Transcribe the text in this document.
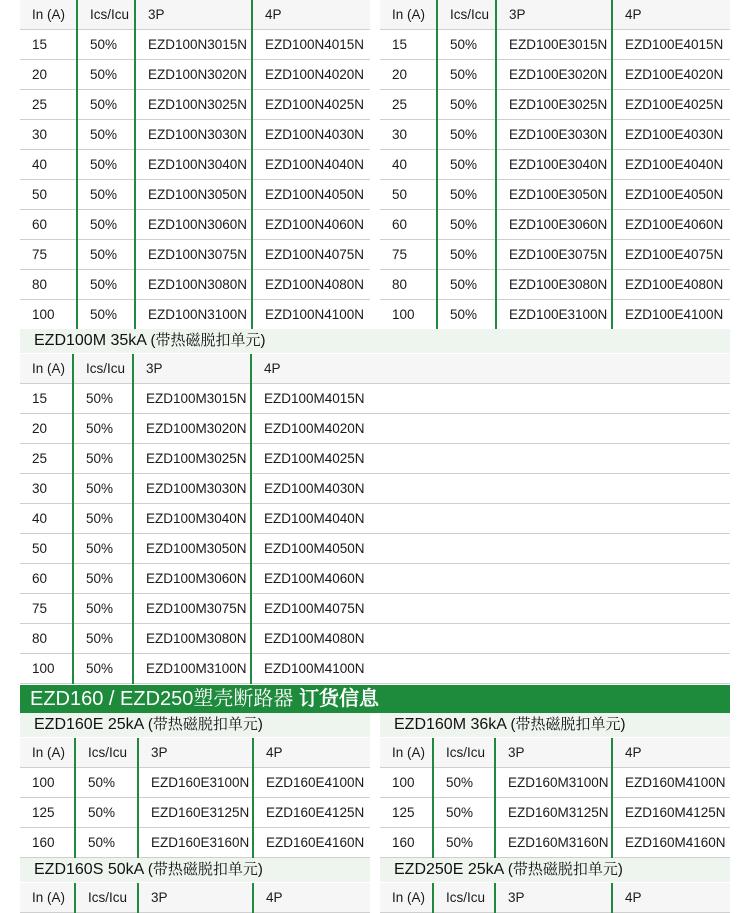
In (A)	Ics/Icu	3P	4P
15	50%	EZD100N3015N	EZD100N4015N
20	50%	EZD100N3020N	EZD100N4020N
25	50%	EZD100N3025N	EZD100N4025N
30	50%	EZD100N3030N	EZD100N4030N
40	50%	EZD100N3040N	EZD100N4040N
50	50%	EZD100N3050N	EZD100N4050N
60	50%	EZD100N3060N	EZD100N4060N
75	50%	EZD100N3075N	EZD100N4075N
80	50%	EZD100N3080N	EZD100N4080N
100	50%	EZD100N3100N	EZD100N4100N
In (A)	Ics/Icu	3P	4P
15	50%	EZD100E3015N	EZD100E4015N
20	50%	EZD100E3020N	EZD100E4020N
25	50%	EZD100E3025N	EZD100E4025N
30	50%	EZD100E3030N	EZD100E4030N
40	50%	EZD100E3040N	EZD100E4040N
50	50%	EZD100E3050N	EZD100E4050N
60	50%	EZD100E3060N	EZD100E4060N
75	50%	EZD100E3075N	EZD100E4075N
80	50%	EZD100E3080N	EZD100E4080N
100	50%	EZD100E3100N	EZD100E4100N
EZD100M 35kA (带热磁脱扣单元)
In (A)	Ics/Icu	3P	4P
15	50%	EZD100M3015N	EZD100M4015N
20	50%	EZD100M3020N	EZD100M4020N
25	50%	EZD100M3025N	EZD100M4025N
30	50%	EZD100M3030N	EZD100M4030N
40	50%	EZD100M3040N	EZD100M4040N
50	50%	EZD100M3050N	EZD100M4050N
60	50%	EZD100M3060N	EZD100M4060N
75	50%	EZD100M3075N	EZD100M4075N
80	50%	EZD100M3080N	EZD100M4080N
100	50%	EZD100M3100N	EZD100M4100N
EZD160 / EZD250塑壳断路器 订货信息
EZD160E 25kA (带热磁脱扣单元)
In (A)	Ics/Icu	3P	4P
100	50%	EZD160E3100N	EZD160E4100N
125	50%	EZD160E3125N	EZD160E4125N
160	50%	EZD160E3160N	EZD160E4160N
EZD160M 36kA (带热磁脱扣单元)
In (A)	Ics/Icu	3P	4P
100	50%	EZD160M3100N	EZD160M4100N
125	50%	EZD160M3125N	EZD160M4125N
160	50%	EZD160M3160N	EZD160M4160N
EZD160S 50kA (带热磁脱扣单元)
In (A)	Ics/Icu	3P	4P
EZD250E 25kA (带热磁脱扣单元)
In (A)	Ics/Icu	3P	4P
